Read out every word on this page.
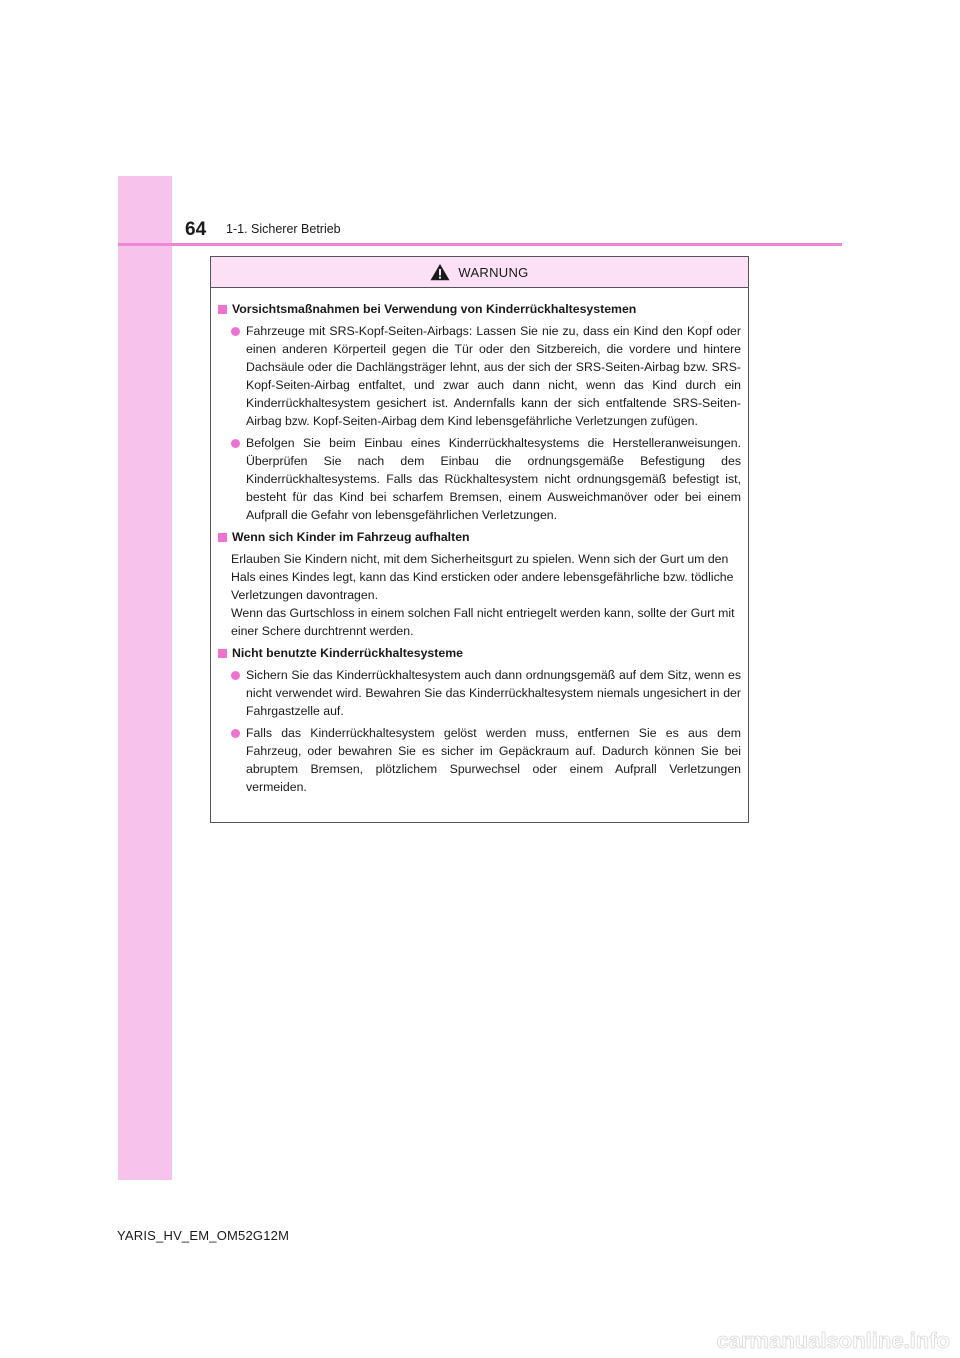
64 1-1. Sicherer Betrieb
WARNUNG
Vorsichtsmaßnahmen bei Verwendung von Kinderrückhaltesystemen
Fahrzeuge mit SRS-Kopf-Seiten-Airbags: Lassen Sie nie zu, dass ein Kind den Kopf oder einen anderen Körperteil gegen die Tür oder den Sitzbereich, die vordere und hintere Dachsäule oder die Dachlängsträger lehnt, aus der sich der SRS-Seiten-Airbag bzw. SRS-Kopf-Seiten-Airbag entfaltet, und zwar auch dann nicht, wenn das Kind durch ein Kinderrückhaltesystem gesichert ist. Andernfalls kann der sich entfaltende SRS-Seiten-Airbag bzw. Kopf-Seiten-Airbag dem Kind lebensgefährliche Verletzungen zufügen.
Befolgen Sie beim Einbau eines Kinderrückhaltesystems die Herstelleranweisungen. Überprüfen Sie nach dem Einbau die ordnungsgemäße Befestigung des Kinderrückhaltesystems. Falls das Rückhaltesystem nicht ordnungsgemäß befestigt ist, besteht für das Kind bei scharfem Bremsen, einem Ausweichmanöver oder bei einem Aufprall die Gefahr von lebensgefährlichen Verletzungen.
Wenn sich Kinder im Fahrzeug aufhalten
Erlauben Sie Kindern nicht, mit dem Sicherheitsgurt zu spielen. Wenn sich der Gurt um den Hals eines Kindes legt, kann das Kind ersticken oder andere lebensgefährliche bzw. tödliche Verletzungen davontragen.
Wenn das Gurtschloss in einem solchen Fall nicht entriegelt werden kann, sollte der Gurt mit einer Schere durchtrennt werden.
Nicht benutzte Kinderrückhaltesysteme
Sichern Sie das Kinderrückhaltesystem auch dann ordnungsgemäß auf dem Sitz, wenn es nicht verwendet wird. Bewahren Sie das Kinderrückhaltesystem niemals ungesichert in der Fahrgastzelle auf.
Falls das Kinderrückhaltesystem gelöst werden muss, entfernen Sie es aus dem Fahrzeug, oder bewahren Sie es sicher im Gepäckraum auf. Dadurch können Sie bei abruptem Bremsen, plötzlichem Spurwechsel oder einem Aufprall Verletzungen vermeiden.
YARIS_HV_EM_OM52G12M
carmanualsonline.info
